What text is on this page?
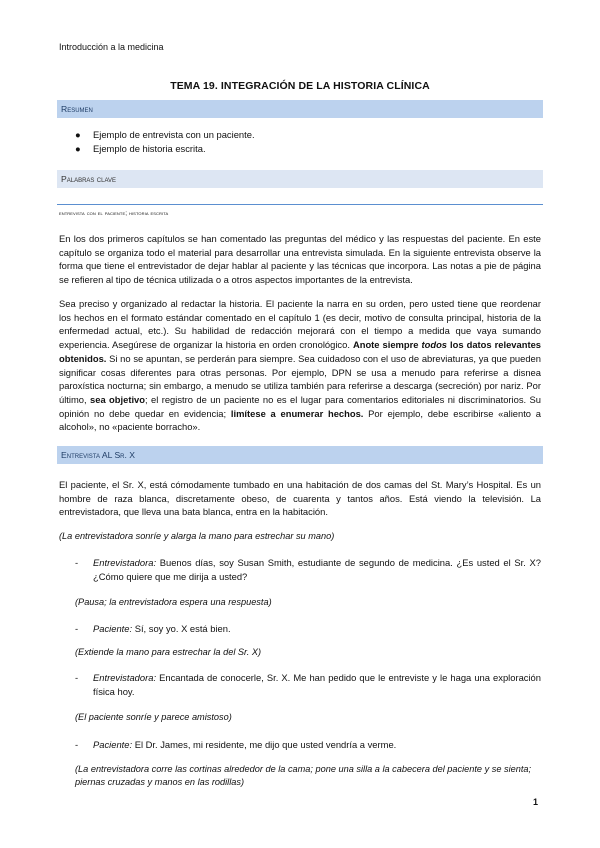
Introducción a la medicina
TEMA 19. INTEGRACIÓN DE LA HISTORIA CLÍNICA
Resumen
● Ejemplo de entrevista con un paciente.
● Ejemplo de historia escrita.
Palabras clave
entrevista con el paciente; historia escrita

En los dos primeros capítulos se han comentado las preguntas del médico y las respuestas del paciente. En este capítulo se organiza todo el material para desarrollar una entrevista simulada. En la siguiente entrevista observe la forma que tiene el entrevistador de dejar hablar al paciente y las técnicas que incorpora. Las notas a pie de página se refieren al tipo de técnica utilizada o a otros aspectos importantes de la entrevista.

Sea preciso y organizado al redactar la historia. El paciente la narra en su orden, pero usted tiene que reordenar los hechos en el formato estándar comentado en el capítulo 1 (es decir, motivo de consulta principal, historia de la enfermedad actual, etc.). Su habilidad de redacción mejorará con el tiempo a medida que vaya sumando experiencia. Asegúrese de organizar la historia en orden cronológico. Anote siempre todos los datos relevantes obtenidos. Si no se apuntan, se perderán para siempre. Sea cuidadoso con el uso de abreviaturas, ya que pueden significar cosas diferentes para otras personas. Por ejemplo, DPN se usa a menudo para referirse a disnea paroxística nocturna; sin embargo, a menudo se utiliza también para referirse a descarga (secreción) por nariz. Por último, sea objetivo; el registro de un paciente no es el lugar para comentarios editoriales ni discriminatorios. Su opinión no debe quedar en evidencia; limítese a enumerar hechos. Por ejemplo, debe escribirse «aliento a alcohol», no «paciente borracho».

Entrevista AL Sr. X

El paciente, el Sr. X, está cómodamente tumbado en una habitación de dos camas del St. Mary’s Hospital. Es un hombre de raza blanca, discretamente obeso, de cuarenta y tantos años. Está viendo la televisión. La entrevistadora, que lleva una bata blanca, entra en la habitación.

(La entrevistadora sonríe y alarga la mano para estrechar su mano)

- Entrevistadora: Buenos días, soy Susan Smith, estudiante de segundo de medicina. ¿Es usted el Sr. X? ¿Cómo quiere que me dirija a usted?

(Pausa; la entrevistadora espera una respuesta)

- Paciente: Sí, soy yo. X está bien.

(Extiende la mano para estrechar la del Sr. X)

- Entrevistadora: Encantada de conocerle, Sr. X. Me han pedido que le entreviste y le haga una exploración física hoy.

(El paciente sonríe y parece amistoso)

- Paciente: El Dr. James, mi residente, me dijo que usted vendría a verme.

(La entrevistadora corre las cortinas alrededor de la cama; pone una silla a la cabecera del paciente y se sienta; piernas cruzadas y manos en las rodillas)

1
